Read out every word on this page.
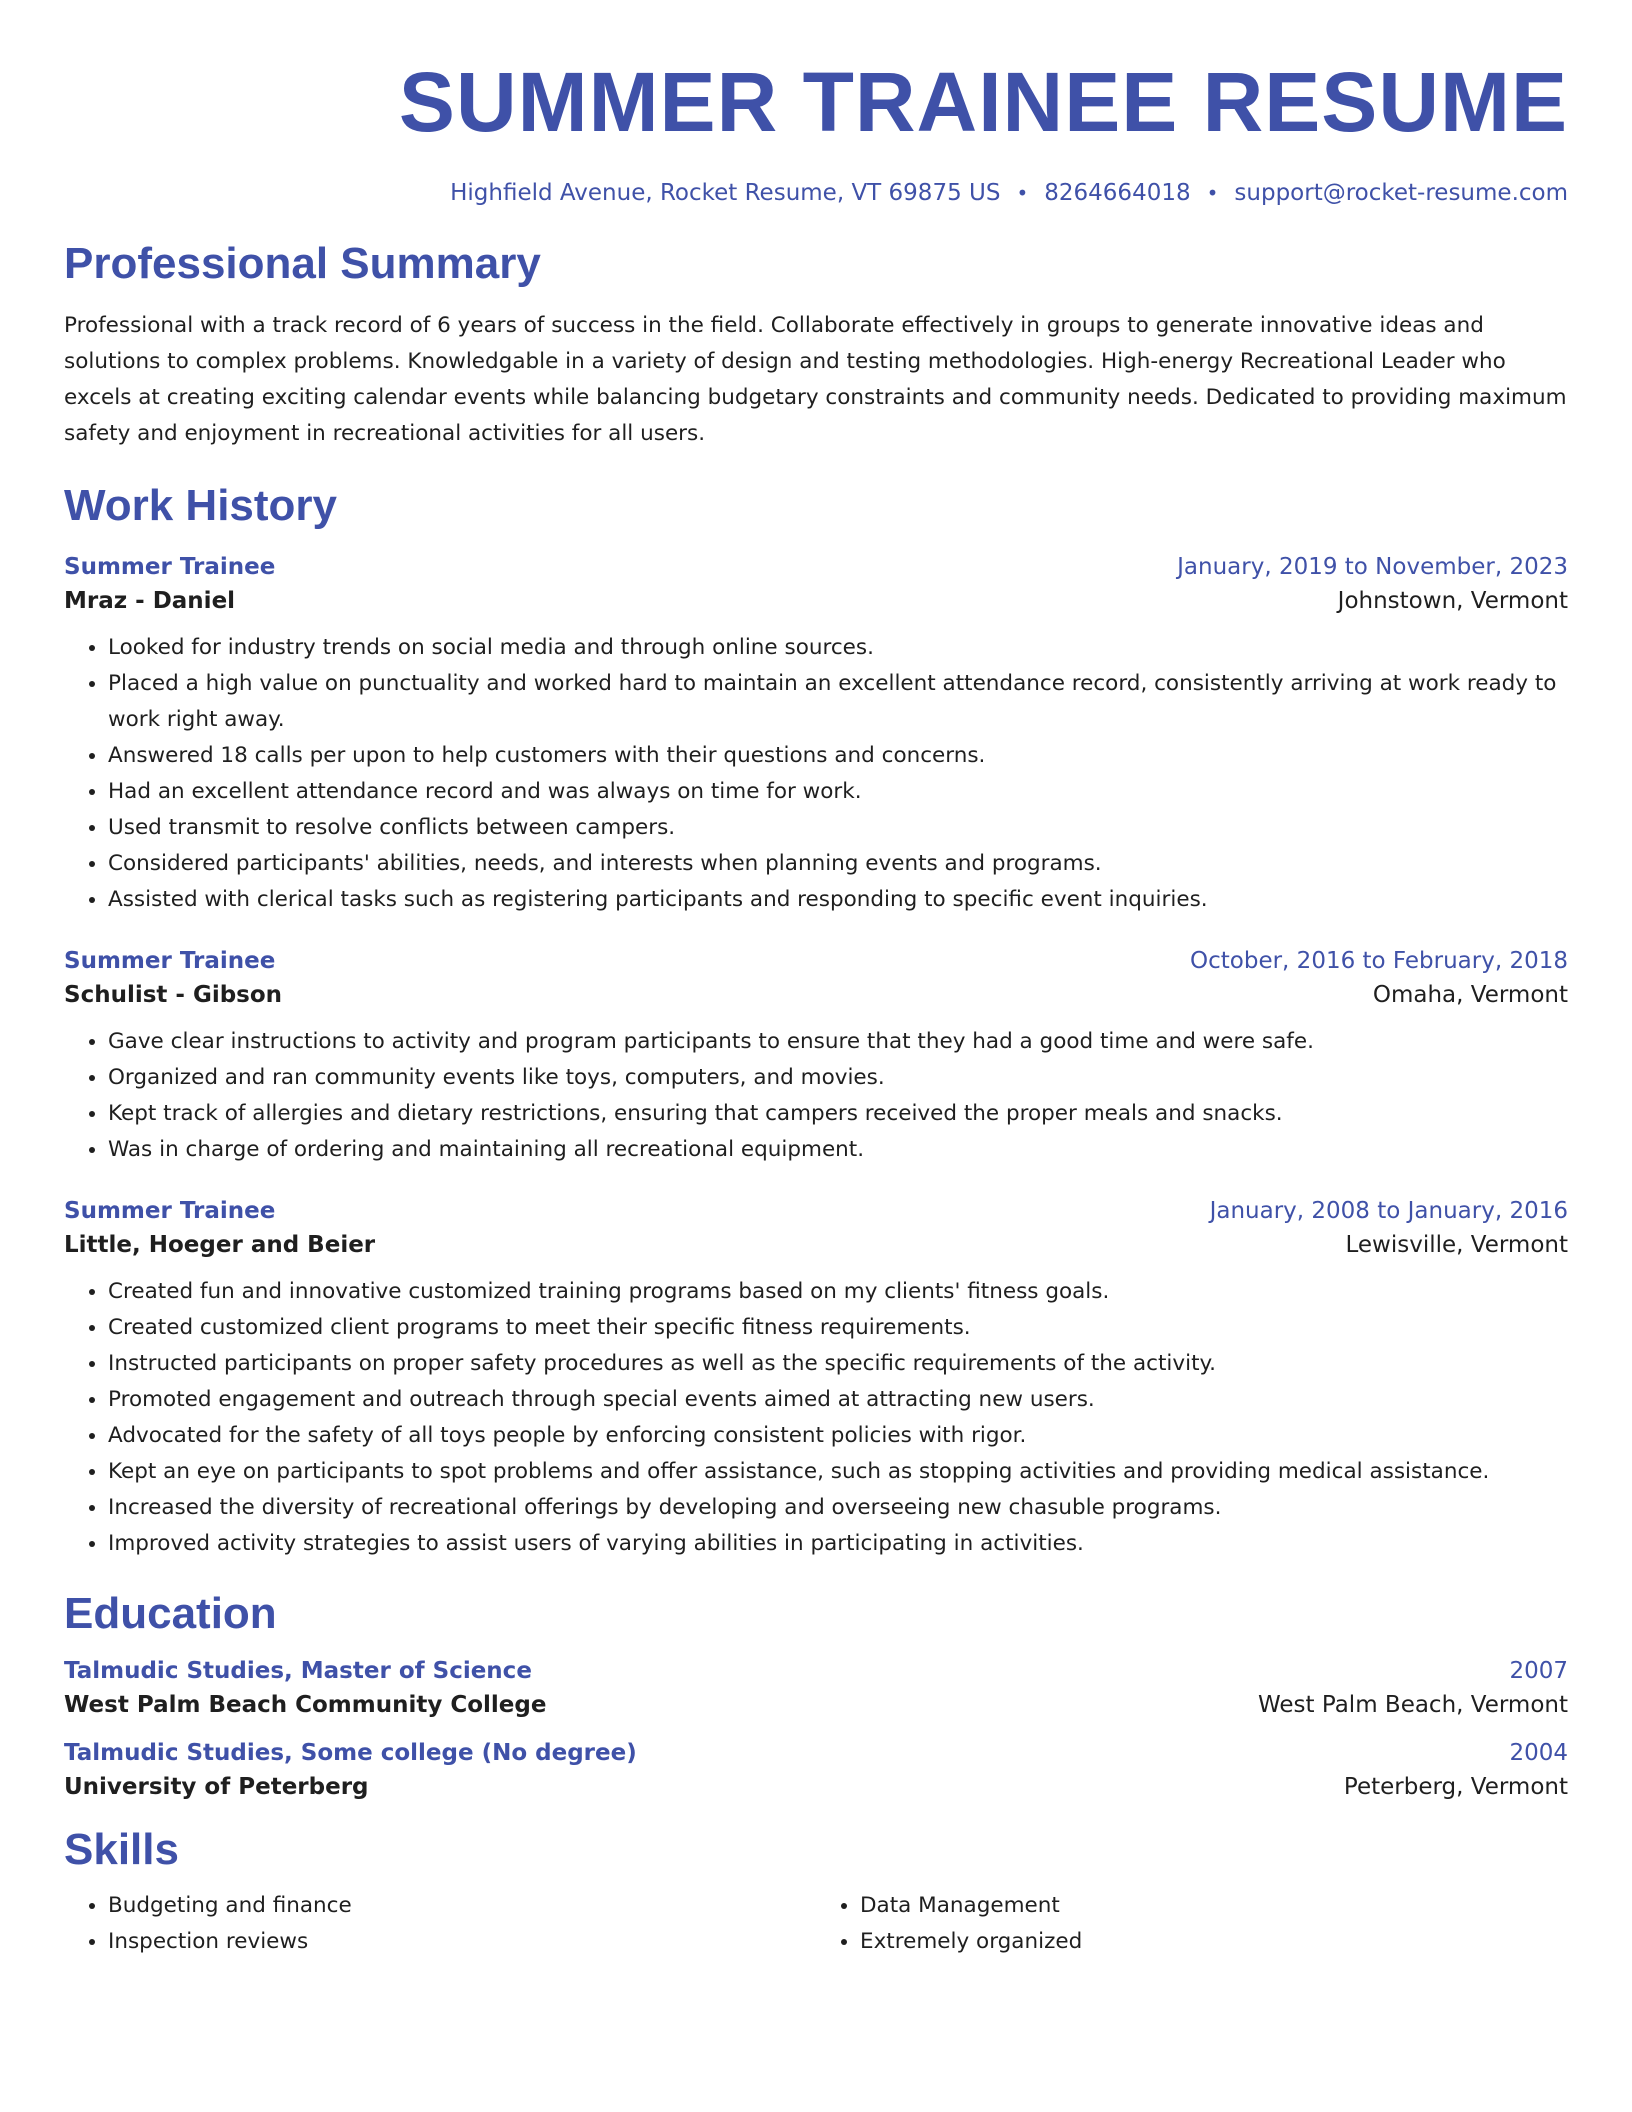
SUMMER TRAINEE RESUME
Highfield Avenue, Rocket Resume, VT 69875 US • 8264664018 • support@rocket-resume.com
Professional Summary

Professional with a track record of 6 years of success in the field. Collaborate effectively in groups to generate innovative ideas and solutions to complex problems. Knowledgable in a variety of design and testing methodologies. High-energy Recreational Leader who excels at creating exciting calendar events while balancing budgetary constraints and community needs. Dedicated to providing maximum safety and enjoyment in recreational activities for all users.

Work History
Summer Trainee	January, 2019 to November, 2023
Mraz - Daniel	Johnstown, Vermont
• Looked for industry trends on social media and through online sources.
• Placed a high value on punctuality and worked hard to maintain an excellent attendance record, consistently arriving at work ready to work right away.
• Answered 18 calls per upon to help customers with their questions and concerns.
• Had an excellent attendance record and was always on time for work.
• Used transmit to resolve conflicts between campers.
• Considered participants' abilities, needs, and interests when planning events and programs.
• Assisted with clerical tasks such as registering participants and responding to specific event inquiries.
Summer Trainee	October, 2016 to February, 2018
Schulist - Gibson	Omaha, Vermont
• Gave clear instructions to activity and program participants to ensure that they had a good time and were safe.
• Organized and ran community events like toys, computers, and movies.
• Kept track of allergies and dietary restrictions, ensuring that campers received the proper meals and snacks.
• Was in charge of ordering and maintaining all recreational equipment.
Summer Trainee	January, 2008 to January, 2016
Little, Hoeger and Beier	Lewisville, Vermont
• Created fun and innovative customized training programs based on my clients' fitness goals.
• Created customized client programs to meet their specific fitness requirements.
• Instructed participants on proper safety procedures as well as the specific requirements of the activity.
• Promoted engagement and outreach through special events aimed at attracting new users.
• Advocated for the safety of all toys people by enforcing consistent policies with rigor.
• Kept an eye on participants to spot problems and offer assistance, such as stopping activities and providing medical assistance.
• Increased the diversity of recreational offerings by developing and overseeing new chasuble programs.
• Improved activity strategies to assist users of varying abilities in participating in activities.
Education
Talmudic Studies, Master of Science	2007
West Palm Beach Community College	West Palm Beach, Vermont
Talmudic Studies, Some college (No degree)	2004
University of Peterberg	Peterberg, Vermont
Skills
• Budgeting and finance
• Inspection reviews
• Data Management
• Extremely organized
